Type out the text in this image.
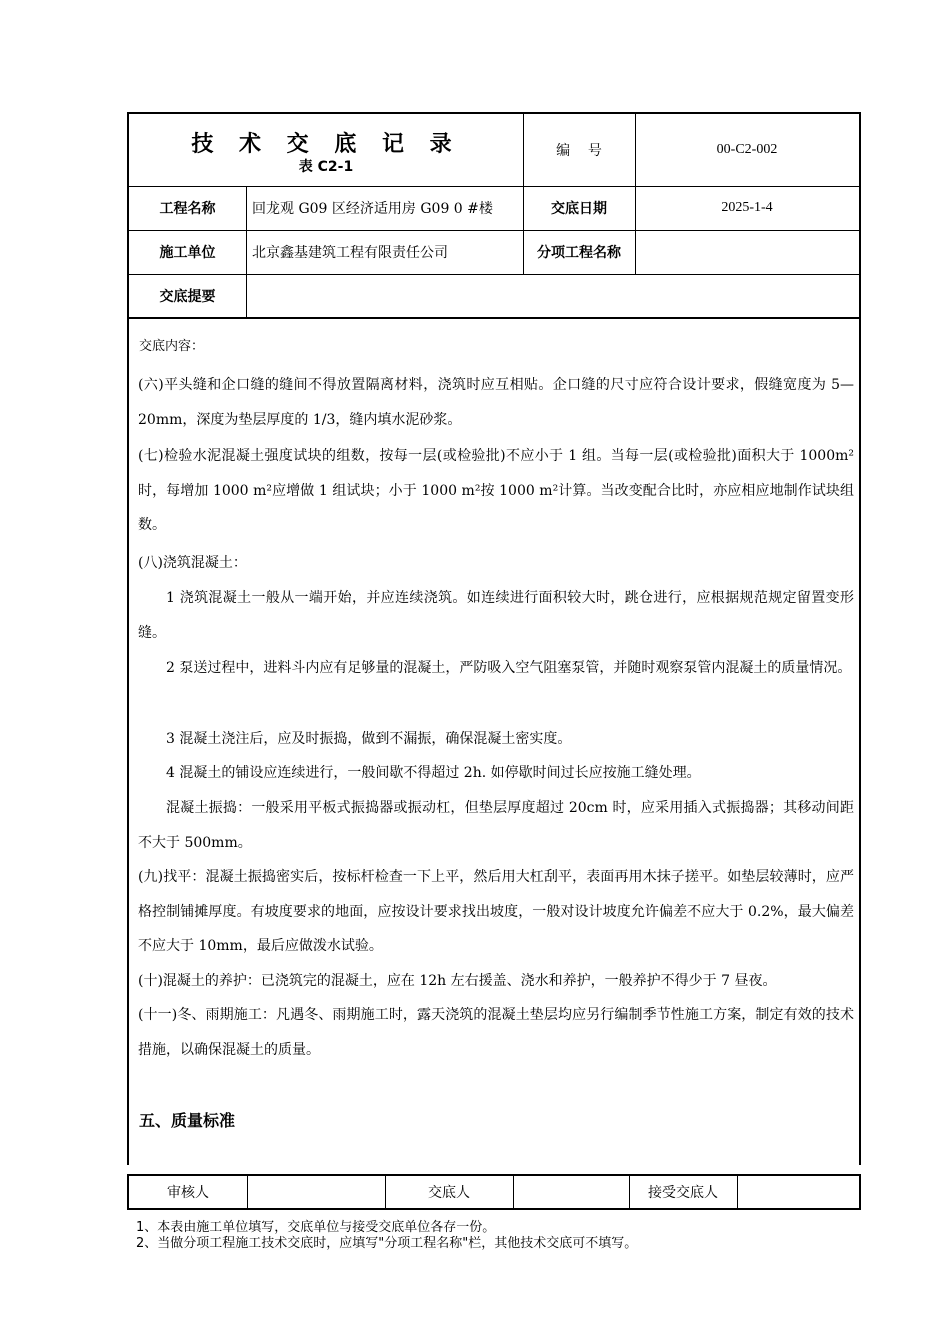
技 术 交 底 记 录
表 C2-1
编    号	00-C2-002
工程名称	回龙观 G09 区经济适用房 G09 0 #楼	交底日期	2025-1-4
施工单位	北京鑫基建筑工程有限责任公司	分项工程名称
交底提要
交底内容：
(六)平头缝和企口缝的缝间不得放置隔离材料，浇筑时应互相贴。企口缝的尺寸应符合设计要求，假缝宽度为 5—20mm，深度为垫层厚度的 1/3，缝内填水泥砂浆。
(七)检验水泥混凝土强度试块的组数，按每一层(或检验批)不应小于 1 组。当每一层(或检验批)面积大于 1000m²时，每增加 1000 m²应增做 1 组试块；小于 1000 m²按 1000 m²计算。当改变配合比时，亦应相应地制作试块组数。
(八)浇筑混凝土：
1 浇筑混凝土一般从一端开始，并应连续浇筑。如连续进行面积较大时，跳仓进行，应根据规范规定留置变形缝。
2 泵送过程中，进料斗内应有足够量的混凝土，严防吸入空气阻塞泵管，并随时观察泵管内混凝土的质量情况。
3 混凝土浇注后，应及时振捣，做到不漏振，确保混凝土密实度。
4 混凝土的铺设应连续进行，一般间歇不得超过 2h. 如停歇时间过长应按施工缝处理。
混凝土振捣：一般采用平板式振捣器或振动杠，但垫层厚度超过 20cm 时，应采用插入式振捣器；其移动间距不大于 500mm。
(九)找平：混凝土振捣密实后，按标杆检查一下上平，然后用大杠刮平，表面再用木抹子搓平。如垫层较薄时，应严格控制铺摊厚度。有坡度要求的地面，应按设计要求找出坡度，一般对设计坡度允许偏差不应大于 0.2%，最大偏差不应大于 10mm，最后应做泼水试验。
(十)混凝土的养护：已浇筑完的混凝土，应在 12h 左右援盖、浇水和养护，一般养护不得少于 7 昼夜。
(十一)冬、雨期施工：凡遇冬、雨期施工时，露天浇筑的混凝土垫层均应另行编制季节性施工方案，制定有效的技术措施，以确保混凝土的质量。
五、质量标准
审核人	交底人	接受交底人
1、本表由施工单位填写，交底单位与接受交底单位各存一份。
2、当做分项工程施工技术交底时，应填写"分项工程名称"栏，其他技术交底可不填写。
